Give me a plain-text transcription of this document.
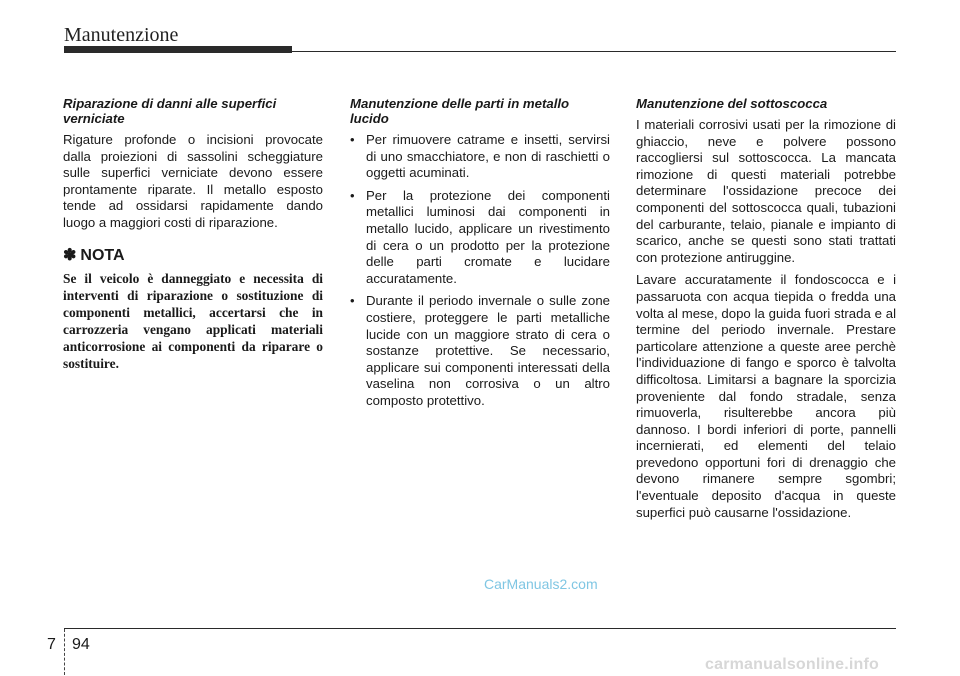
Manutenzione
Riparazione di danni alle superfici verniciate

Rigature profonde o incisioni provocate dalla proiezioni di sassolini scheggiature sulle superfici verniciate devono essere prontamente riparate. Il metallo esposto tende ad ossidarsi rapidamente dando luogo a maggiori costi di riparazione.

✽ NOTA

Se il veicolo è danneggiato e necessita di interventi di riparazione o sostituzione di componenti metallici, accertarsi che in carrozzeria vengano applicati materiali anticorrosione ai componenti da riparare o sostituire.

Manutenzione delle parti in metallo lucido
• Per rimuovere catrame e insetti, servirsi di uno smacchiatore, e non di raschietti o oggetti acuminati.
• Per la protezione dei componenti metallici luminosi dai componenti in metallo lucido, applicare un rivestimento di cera o un prodotto per la protezione delle parti cromate e lucidare accuratamente.
• Durante il periodo invernale o sulle zone costiere, proteggere le parti metalliche lucide con un maggiore strato di cera o sostanze protettive. Se necessario, applicare sui componenti interessati della vaselina non corrosiva o un altro composto protettivo.
Manutenzione del sottoscocca

I materiali corrosivi usati per la rimozione di ghiaccio, neve e polvere possono raccogliersi sul sottoscocca. La mancata rimozione di questi materiali potrebbe determinare l'ossidazione precoce dei componenti del sottoscocca quali, tubazioni del carburante, telaio, pianale e impianto di scarico, anche se questi sono stati trattati con protezione antiruggine.

Lavare accuratamente il fondoscocca e i passaruota con acqua tiepida o fredda una volta al mese, dopo la guida fuori strada e al termine del periodo invernale. Prestare particolare attenzione a queste aree perchè l'individuazione di fango e sporco è talvolta difficoltosa. Limitarsi a bagnare la sporcizia proveniente dal fondo stradale, senza rimuoverla, risulterebbe ancora più dannoso. I bordi inferiori di porte, pannelli incernierati, ed elementi del telaio prevedono opportuni fori di drenaggio che devono rimanere sempre sgombri; l'eventuale deposito d'acqua in queste superfici può causarne l'ossidazione.

CarManuals2.com
7 94
carmanualsonline.info
